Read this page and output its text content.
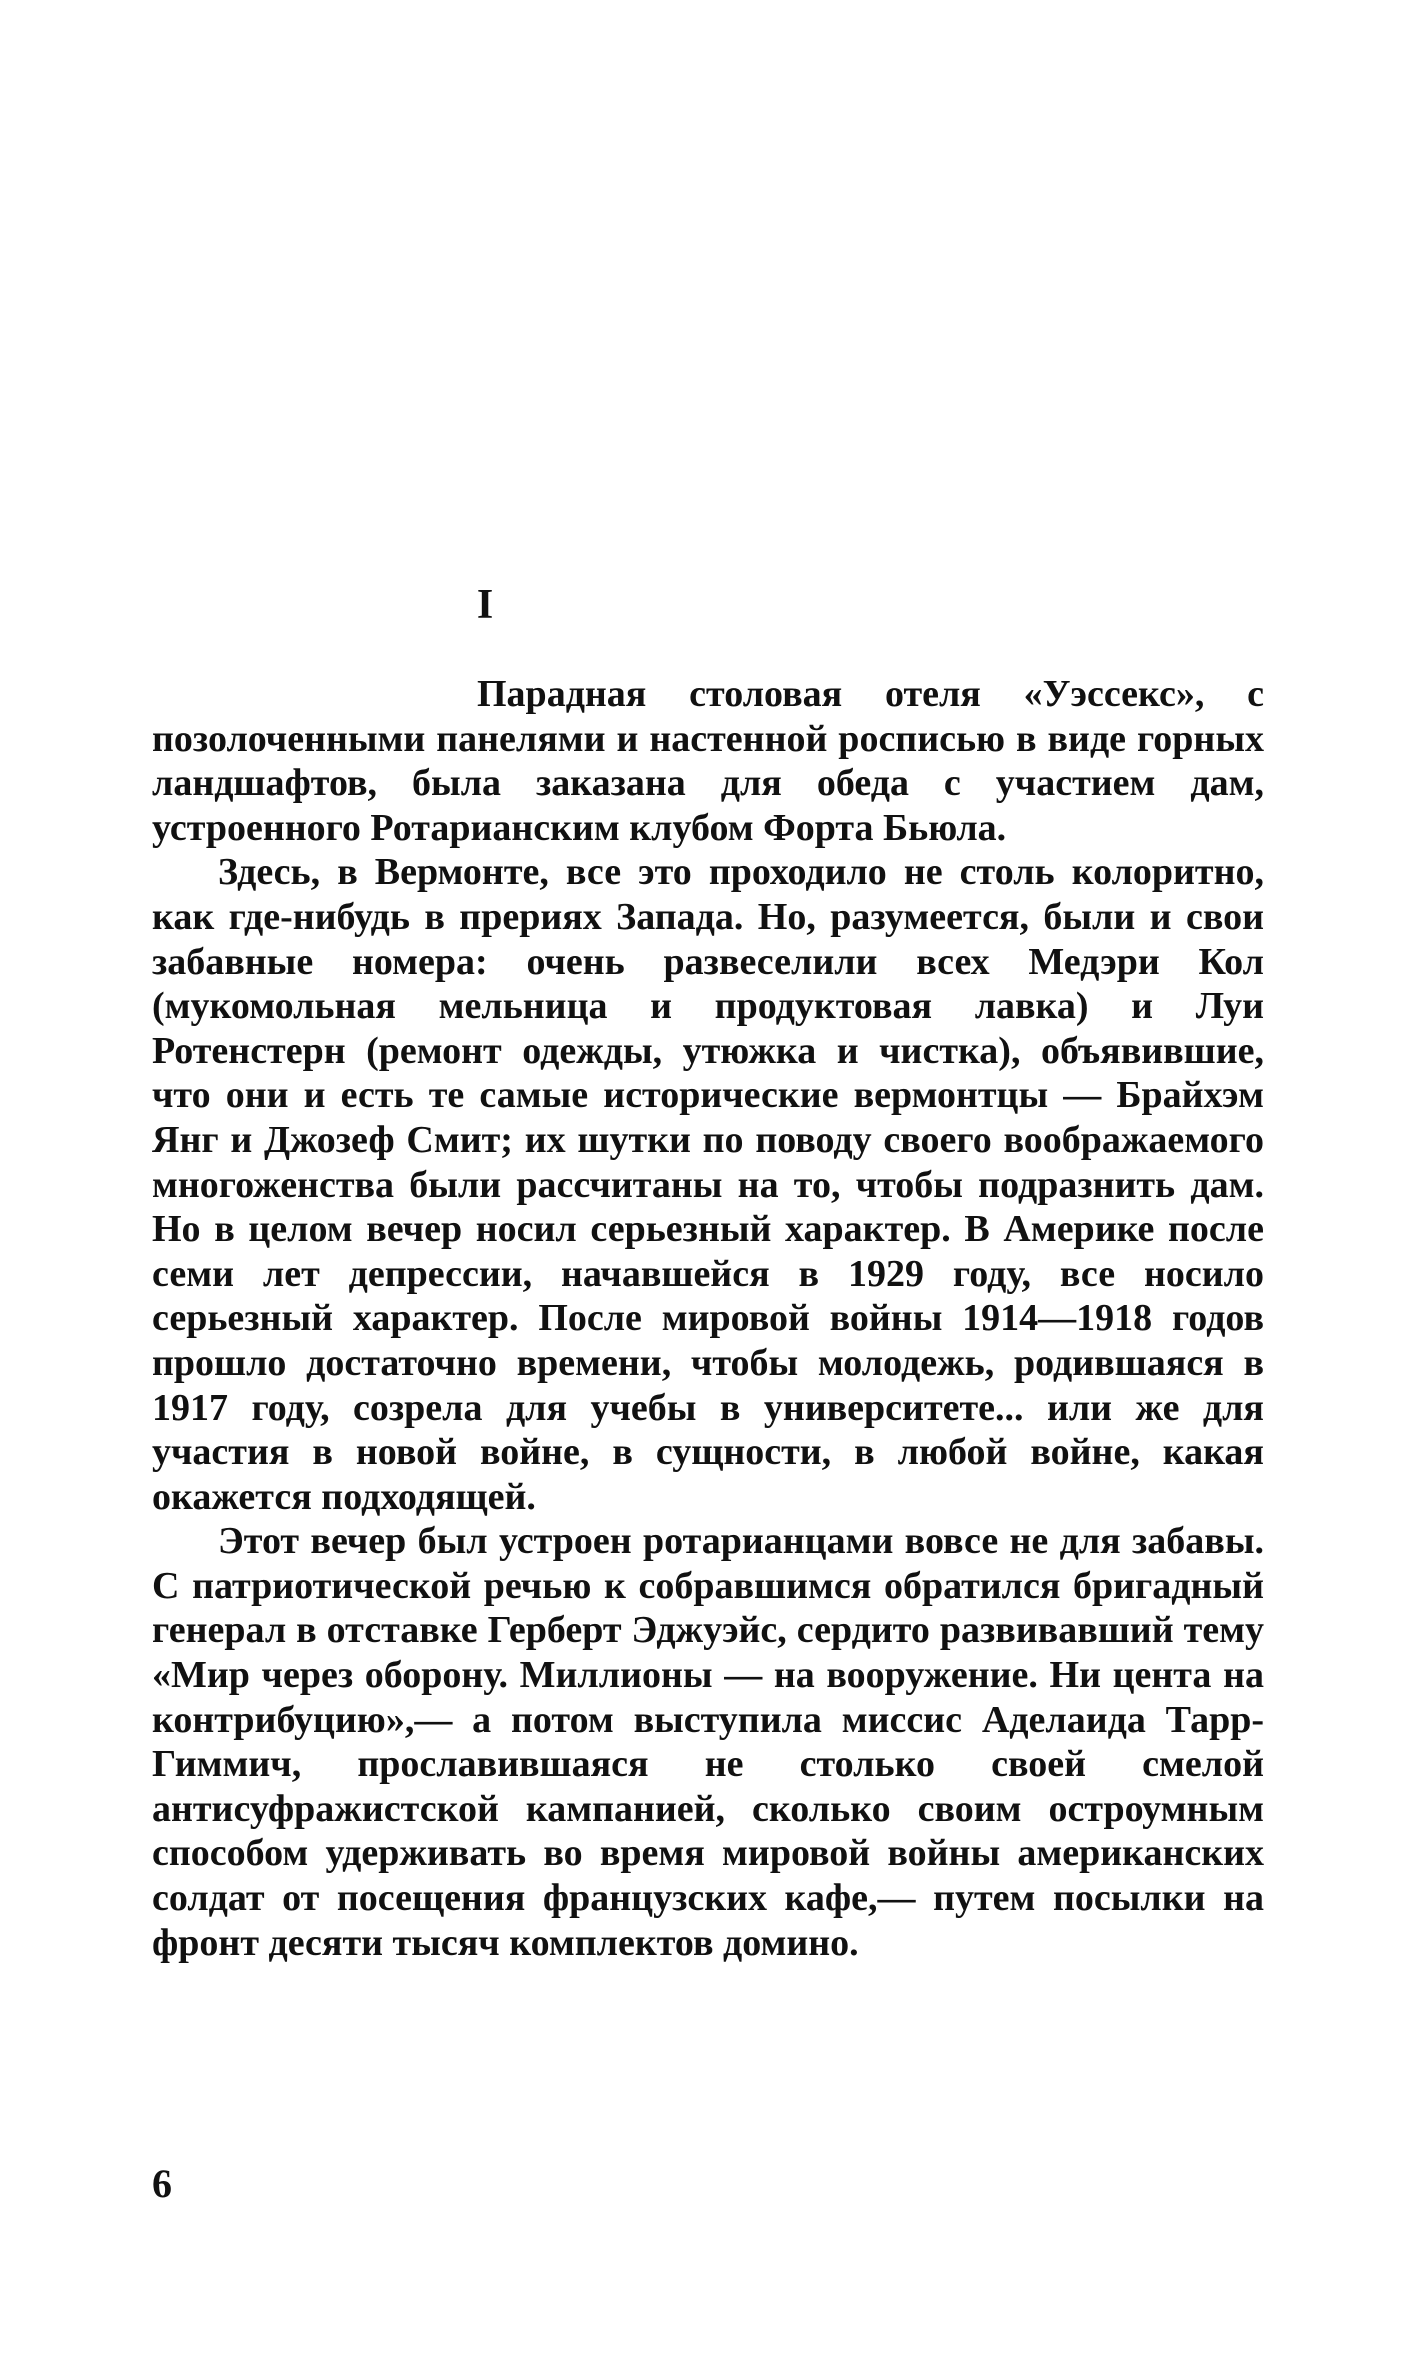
I

Парадная столовая отеля «Уэссекс», с позолоченными панелями и настенной росписью в виде горных ландшафтов, была заказана для обеда с участием дам, устроенного Ротарианским клубом Форта Бьюла.

Здесь, в Вермонте, все это проходило не столь колоритно, как где-нибудь в прериях Запада. Но, разумеется, были и свои забавные номера: очень развеселили всех Медэри Кол (мукомольная мельница и продуктовая лавка) и Луи Ротенстерн (ремонт одежды, утюжка и чистка), объявившие, что они и есть те самые исторические вермонтцы — Брайхэм Янг и Джозеф Смит; их шутки по поводу своего воображаемого многоженства были рассчитаны на то, чтобы подразнить дам. Но в целом вечер носил серьезный характер. В Америке после семи лет депрессии, начавшейся в 1929 году, все носило серьезный характер. После мировой войны 1914—1918 годов прошло достаточно времени, чтобы молодежь, родившаяся в 1917 году, созрела для учебы в университете... или же для участия в новой войне, в сущности, в любой войне, какая окажется подходящей.

Этот вечер был устроен ротарианцами вовсе не для забавы. С патриотической речью к собравшимся обратился бригадный генерал в отставке Герберт Эджуэйс, сердито развивавший тему «Мир через оборону. Миллионы — на вооружение. Ни цента на контрибуцию»,— а потом выступила миссис Аделаида Тарр-Гиммич, прославившаяся не столько своей смелой антисуфражистской кампанией, сколько своим остроумным способом удерживать во время мировой войны американских солдат от посещения французских кафе,— путем посылки на фронт десяти тысяч комплектов домино.

6
